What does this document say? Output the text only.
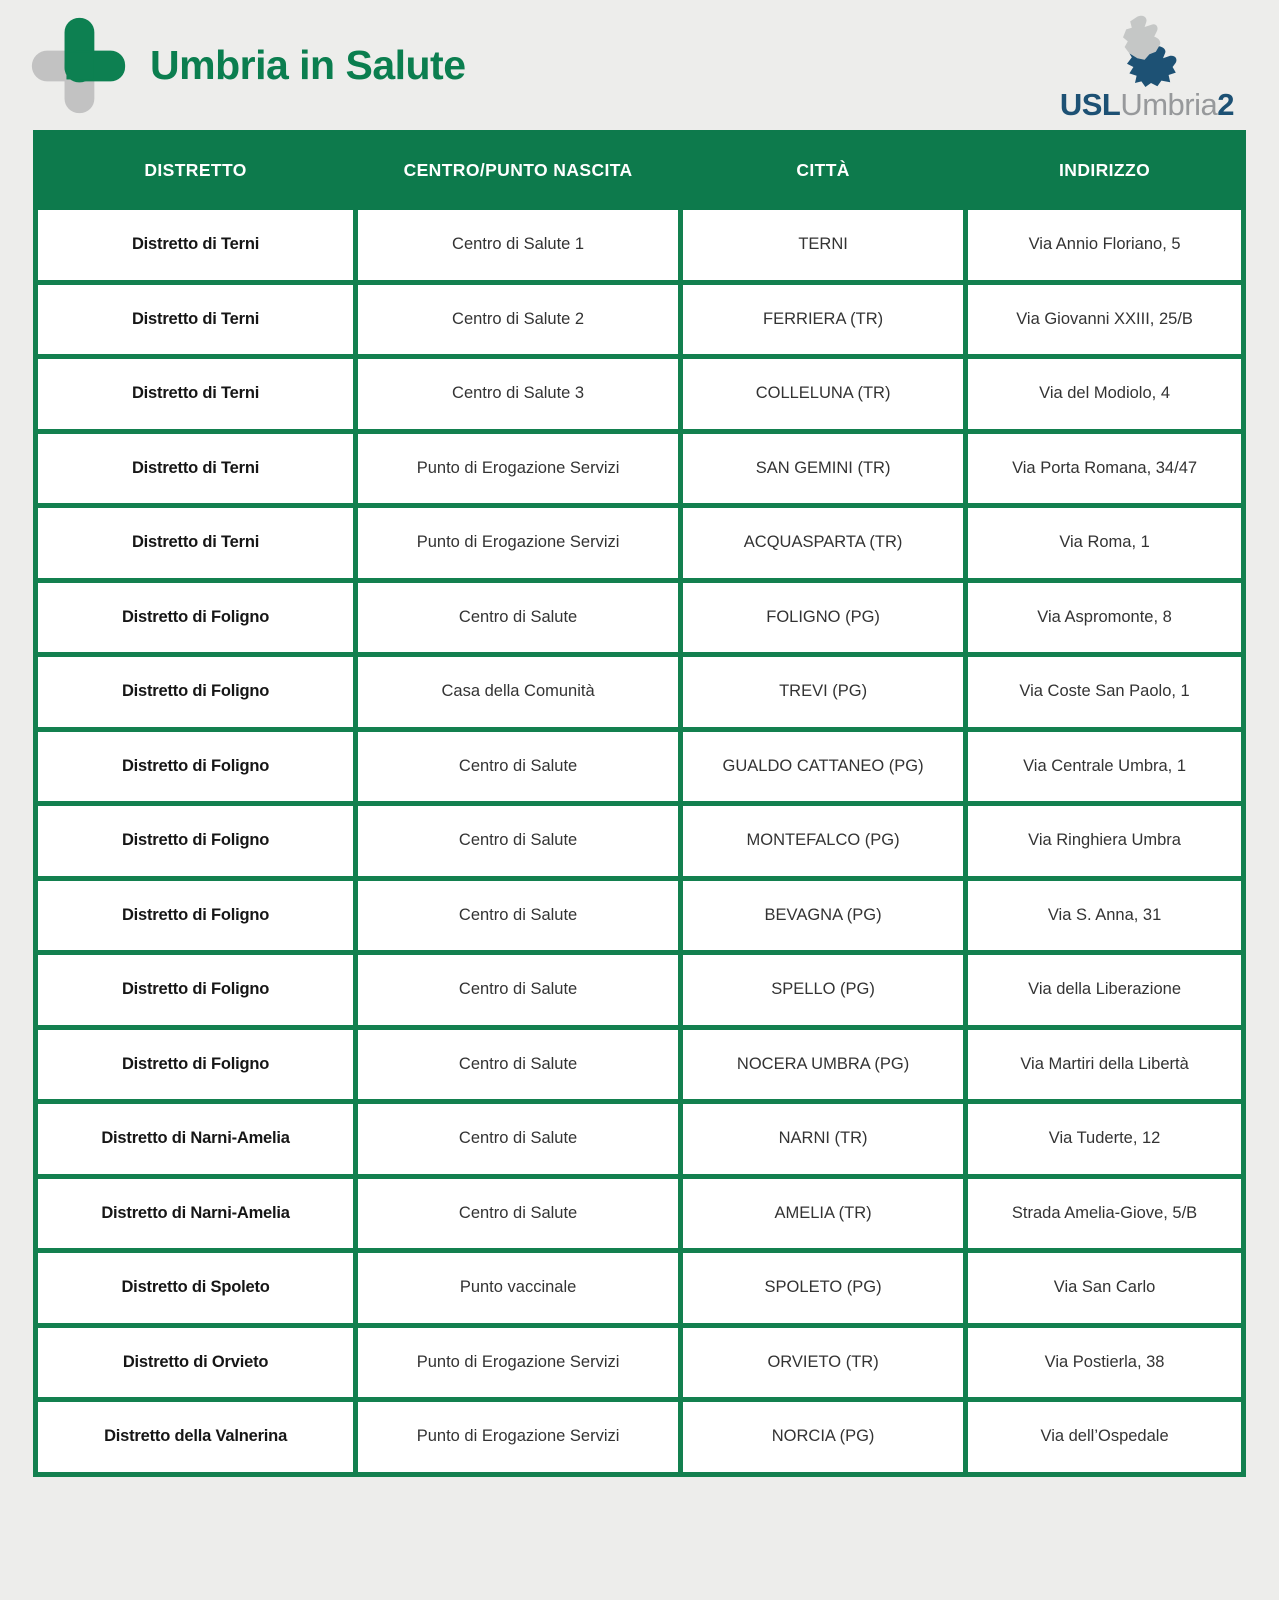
Umbria in Salute
USLUmbria2
DISTRETTO	CENTRO/PUNTO NASCITA	CITTÀ	INDIRIZZO
Distretto di Terni	Centro di Salute 1	TERNI	Via Annio Floriano, 5
Distretto di Terni	Centro di Salute 2	FERRIERA (TR)	Via Giovanni XXIII, 25/B
Distretto di Terni	Centro di Salute 3	COLLELUNA (TR)	Via del Modiolo, 4
Distretto di Terni	Punto di Erogazione Servizi	SAN GEMINI (TR)	Via Porta Romana, 34/47
Distretto di Terni	Punto di Erogazione Servizi	ACQUASPARTA (TR)	Via Roma, 1
Distretto di Foligno	Centro di Salute	FOLIGNO (PG)	Via Aspromonte, 8
Distretto di Foligno	Casa della Comunità	TREVI (PG)	Via Coste San Paolo, 1
Distretto di Foligno	Centro di Salute	GUALDO CATTANEO (PG)	Via Centrale Umbra, 1
Distretto di Foligno	Centro di Salute	MONTEFALCO (PG)	Via Ringhiera Umbra
Distretto di Foligno	Centro di Salute	BEVAGNA (PG)	Via S. Anna, 31
Distretto di Foligno	Centro di Salute	SPELLO (PG)	Via della Liberazione
Distretto di Foligno	Centro di Salute	NOCERA UMBRA (PG)	Via Martiri della Libertà
Distretto di Narni-Amelia	Centro di Salute	NARNI (TR)	Via Tuderte, 12
Distretto di Narni-Amelia	Centro di Salute	AMELIA (TR)	Strada Amelia-Giove, 5/B
Distretto di Spoleto	Punto vaccinale	SPOLETO (PG)	Via San Carlo
Distretto di Orvieto	Punto di Erogazione Servizi	ORVIETO (TR)	Via Postierla, 38
Distretto della Valnerina	Punto di Erogazione Servizi	NORCIA (PG)	Via dell’Ospedale
